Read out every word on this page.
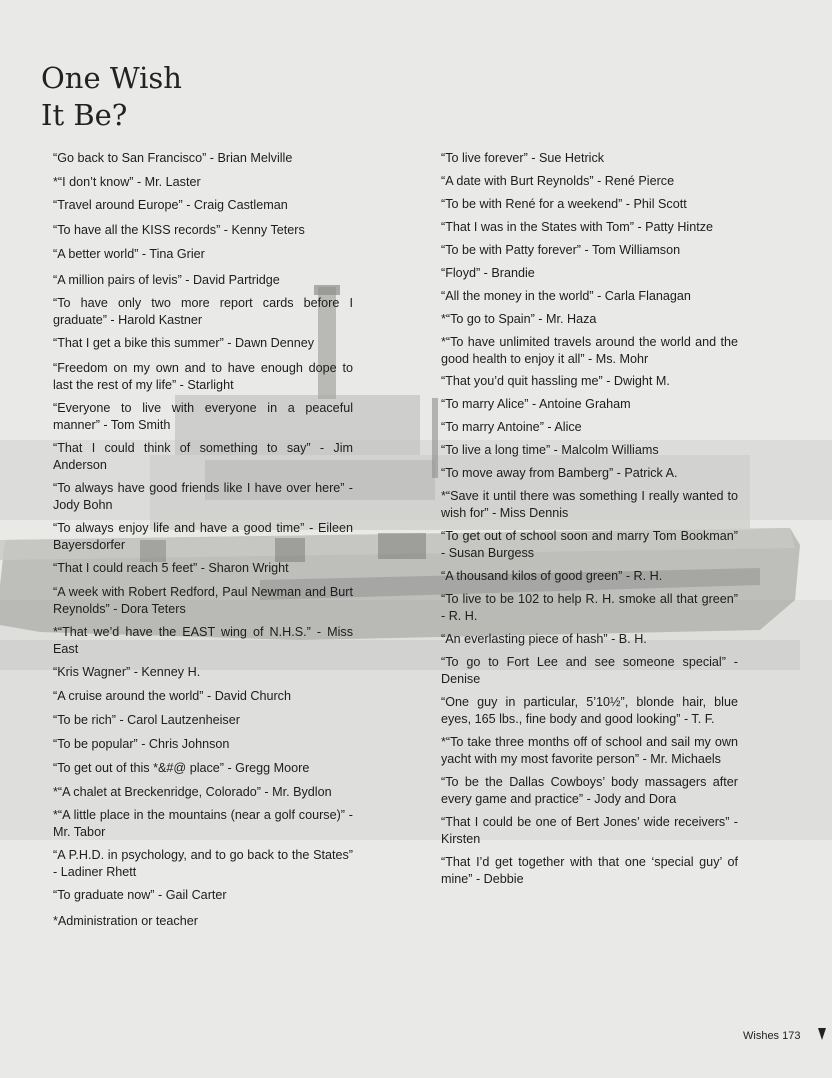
One Wish
It Be?

“Go back to San Francisco” - Brian Melville

*“I don’t know” - Mr. Laster

“Travel around Europe” - Craig Castleman

“To have all the KISS records” - Kenny Teters

“A better world” - Tina Grier

“A million pairs of levis” - David Partridge

“To have only two more report cards before I graduate” - Harold Kastner

“That I get a bike this summer” - Dawn Denney

“Freedom on my own and to have enough dope to last the rest of my life” - Starlight

“Everyone to live with everyone in a peaceful manner” - Tom Smith

“That I could think of something to say” - Jim Anderson

“To always have good friends like I have over here” - Jody Bohn

“To always enjoy life and have a good time” - Eileen Bayersdorfer

“That I could reach 5 feet” - Sharon Wright

“A week with Robert Redford, Paul Newman and Burt Reynolds” - Dora Teters

*“That we’d have the EAST wing of N.H.S.” - Miss East

“Kris Wagner” - Kenney H.

“A cruise around the world” - David Church

“To be rich” - Carol Lautzenheiser

“To be popular” - Chris Johnson

“To get out of this *&#@ place” - Gregg Moore

*“A chalet at Breckenridge, Colorado” - Mr. Bydlon

*“A little place in the mountains (near a golf course)” - Mr. Tabor

“A P.H.D. in psychology, and to go back to the States” - Ladiner Rhett

“To graduate now” - Gail Carter

*Administration or teacher

“To live forever” - Sue Hetrick

“A date with Burt Reynolds” - René Pierce

“To be with René for a weekend” - Phil Scott

“That I was in the States with Tom” - Patty Hintze

“To be with Patty forever” - Tom Williamson

“Floyd” - Brandie

“All the money in the world” - Carla Flanagan

*“To go to Spain” - Mr. Haza

*“To have unlimited travels around the world and the good health to enjoy it all” - Ms. Mohr

“That you’d quit hassling me” - Dwight M.

“To marry Alice” - Antoine Graham

“To marry Antoine” - Alice

“To live a long time” - Malcolm Williams

“To move away from Bamberg” - Patrick A.

*“Save it until there was something I really wanted to wish for” - Miss Dennis

“To get out of school soon and marry Tom Bookman” - Susan Burgess

“A thousand kilos of good green” - R. H.

“To live to be 102 to help R. H. smoke all that green” - R. H.

“An everlasting piece of hash” - B. H.

“To go to Fort Lee and see someone special” - Denise

“One guy in particular, 5’10½”, blonde hair, blue eyes, 165 lbs., fine body and good looking” - T. F.

*“To take three months off of school and sail my own yacht with my most favorite person” - Mr. Michaels

“To be the Dallas Cowboys’ body massagers after every game and practice” - Jody and Dora

“That I could be one of Bert Jones’ wide receivers” - Kirsten

“That I’d get together with that one ‘special guy’ of mine” - Debbie

Wishes 173
